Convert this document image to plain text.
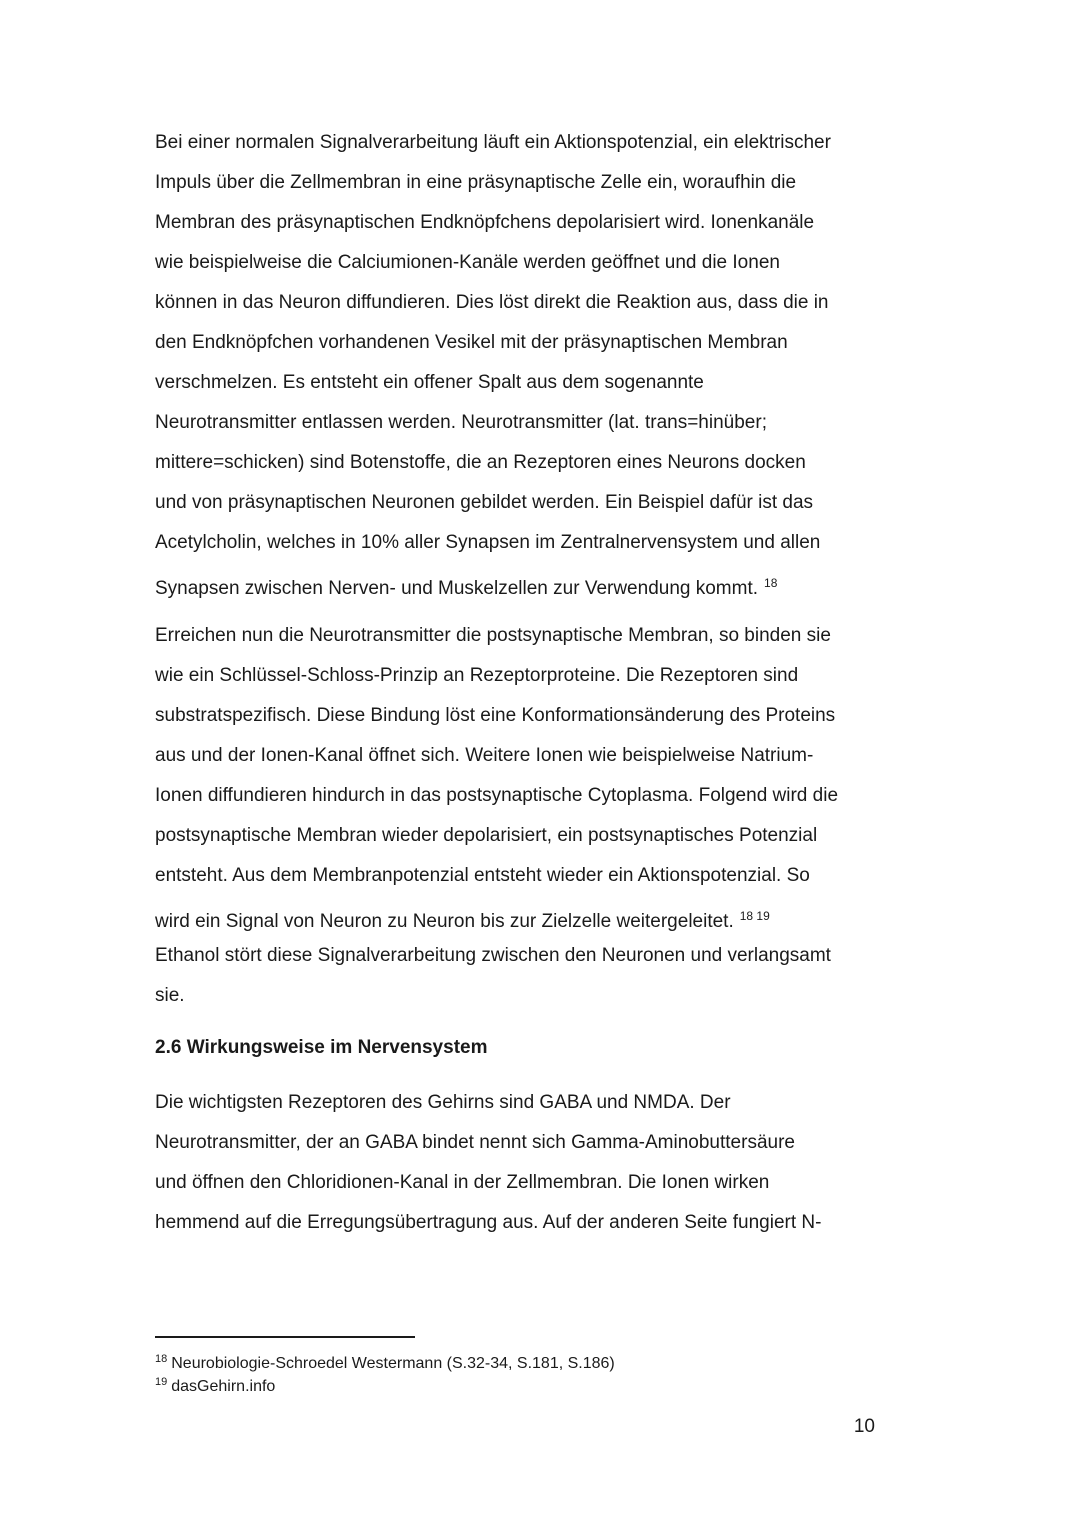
Bei einer normalen Signalverarbeitung läuft ein Aktionspotenzial, ein elektrischer
Impuls über die Zellmembran in eine präsynaptische Zelle ein, woraufhin die
Membran des präsynaptischen Endknöpfchens depolarisiert wird. Ionenkanäle
wie beispielweise die Calciumionen-Kanäle werden geöffnet und die Ionen
können in das Neuron diffundieren. Dies löst direkt die Reaktion aus, dass die in
den Endknöpfchen vorhandenen Vesikel mit der präsynaptischen Membran
verschmelzen. Es entsteht ein offener Spalt aus dem sogenannte
Neurotransmitter entlassen werden. Neurotransmitter (lat. trans=hinüber;
mittere=schicken) sind Botenstoffe, die an Rezeptoren eines Neurons docken
und von präsynaptischen Neuronen gebildet werden. Ein Beispiel dafür ist das
Acetylcholin, welches in 10% aller Synapsen im Zentralnervensystem und allen
Synapsen zwischen Nerven- und Muskelzellen zur Verwendung kommt. $^{18}$
Erreichen nun die Neurotransmitter die postsynaptische Membran, so binden sie
wie ein Schlüssel-Schloss-Prinzip an Rezeptorproteine. Die Rezeptoren sind
substratspezifisch. Diese Bindung löst eine Konformationsänderung des Proteins
aus und der Ionen-Kanal öffnet sich. Weitere Ionen wie beispielweise Natrium-
Ionen diffundieren hindurch in das postsynaptische Cytoplasma. Folgend wird die
postsynaptische Membran wieder depolarisiert, ein postsynaptisches Potenzial
entsteht. Aus dem Membranpotenzial entsteht wieder ein Aktionspotenzial. So
wird ein Signal von Neuron zu Neuron bis zur Zielzelle weitergeleitet. $^{18 19}$
Ethanol stört diese Signalverarbeitung zwischen den Neuronen und verlangsamt
sie.
2.6 Wirkungsweise im Nervensystem
Die wichtigsten Rezeptoren des Gehirns sind GABA und NMDA. Der
Neurotransmitter, der an GABA bindet nennt sich Gamma-Aminobuttersäure
und öffnen den Chloridionen-Kanal in der Zellmembran. Die Ionen wirken
hemmend auf die Erregungsübertragung aus. Auf der anderen Seite fungiert N-
$^{18}$ Neurobiologie-Schroedel Westermann (S.32-34, S.181, S.186)
$^{19}$ dasGehirn.info
10
